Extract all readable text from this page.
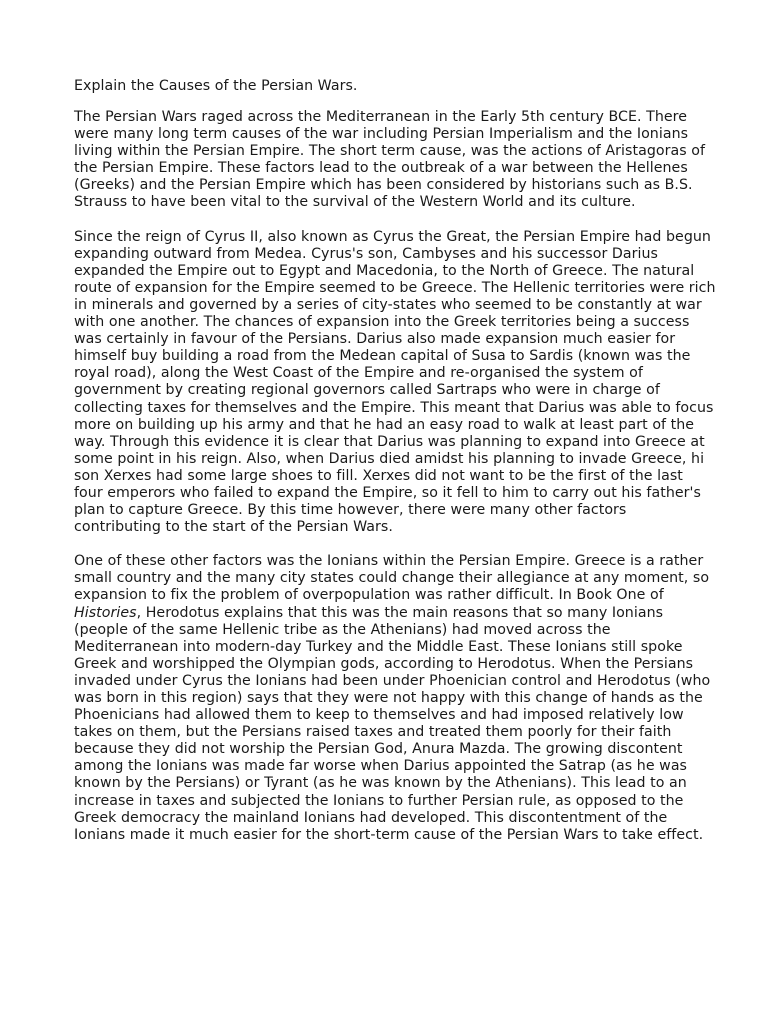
Explain the Causes of the Persian Wars.

The Persian Wars raged across the Mediterranean in the Early 5th century BCE. There were many long term causes of the war including Persian Imperialism and the Ionians living within the Persian Empire. The short term cause, was the actions of Aristagoras of the Persian Empire. These factors lead to the outbreak of a war between the Hellenes (Greeks) and the Persian Empire which has been considered by historians such as B.S. Strauss to have been vital to the survival of the Western World and its culture.

Since the reign of Cyrus II, also known as Cyrus the Great, the Persian Empire had begun expanding outward from Medea. Cyrus's son, Cambyses and his successor Darius expanded the Empire out to Egypt and Macedonia, to the North of Greece. The natural route of expansion for the Empire seemed to be Greece. The Hellenic territories were rich in minerals and governed by a series of city-states who seemed to be constantly at war with one another. The chances of expansion into the Greek territories being a success was certainly in favour of the Persians. Darius also made expansion much easier for himself buy building a road from the Medean capital of Susa to Sardis (known was the royal road), along the West Coast of the Empire and re-organised the system of government by creating regional governors called Sartraps who were in charge of collecting taxes for themselves and the Empire. This meant that Darius was able to focus more on building up his army and that he had an easy road to walk at least part of the way. Through this evidence it is clear that Darius was planning to expand into Greece at some point in his reign. Also, when Darius died amidst his planning to invade Greece, hi son Xerxes had some large shoes to fill. Xerxes did not want to be the first of the last four emperors who failed to expand the Empire, so it fell to him to carry out his father's plan to capture Greece. By this time however, there were many other factors contributing to the start of the Persian Wars.

One of these other factors was the Ionians within the Persian Empire. Greece is a rather small country and the many city states could change their allegiance at any moment, so expansion to fix the problem of overpopulation was rather difficult. In Book One of Histories, Herodotus explains that this was the main reasons that so many Ionians (people of the same Hellenic tribe as the Athenians) had moved across the Mediterranean into modern-day Turkey and the Middle East. These Ionians still spoke Greek and worshipped the Olympian gods, according to Herodotus. When the Persians invaded under Cyrus the Ionians had been under Phoenician control and Herodotus (who was born in this region) says that they were not happy with this change of hands as the Phoenicians had allowed them to keep to themselves and had imposed relatively low takes on them, but the Persians raised taxes and treated them poorly for their faith because they did not worship the Persian God, Anura Mazda. The growing discontent among the Ionians was made far worse when Darius appointed the Satrap (as he was known by the Persians) or Tyrant (as he was known by the Athenians). This lead to an increase in taxes and subjected the Ionians to further Persian rule, as opposed to the Greek democracy the mainland Ionians had developed. This discontentment of the Ionians made it much easier for the short-term cause of the Persian Wars to take effect.
